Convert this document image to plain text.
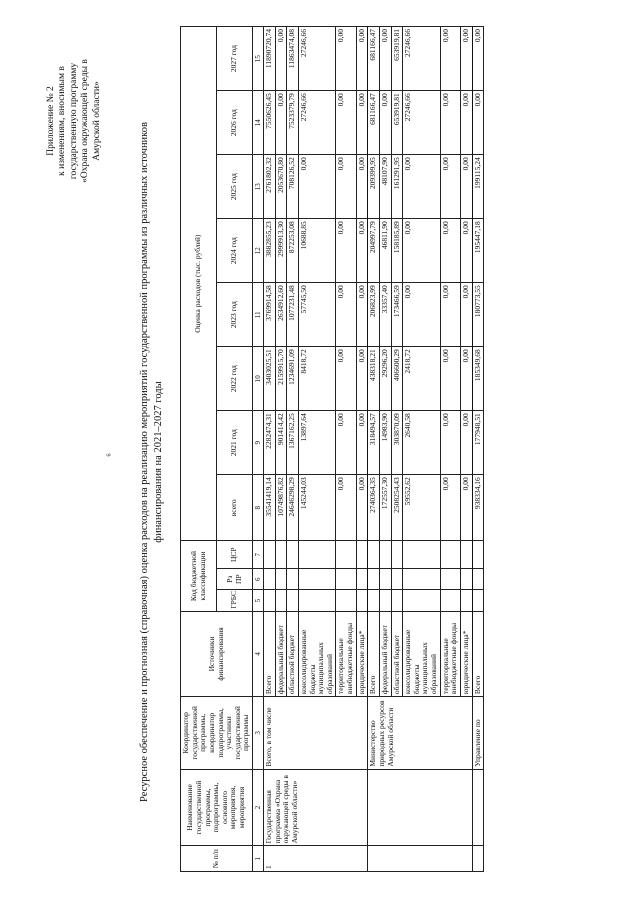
6
Приложение № 2 к изменениям, вносимым в государственную программу «Охрана окружающей среды в Амурской области»
Ресурсное обеспечение и прогнозная (справочная) оценка расходов на реализацию мероприятий государственной программы из различных источников финансирования на 2021–2027 годы
№ п/п	Наименование государственной программы, подпрограммы, основного мероприятия, мероприятия	Координатор государственной программы, координатор подпрограммы, участники государственной программы	Источники финансирования	Код бюджетной классификации			Оценка расходов (тыс. рублей)							
				ГРБС	Рз ПР	ЦСР	всего	2021 год	2022 год	2023 год	2024 год	2025 год	2026 год	2027 год
1	2	3	4	5	6	7	8	9	10	11	12	13	14	15
1	Государственная программа «Охрана окружающей среды в Амурской области»	Всего, в том числе	Всего				35541419,14	2282474,31	3403025,51	3769914,58	3882855,23	2761802,32	7550626,45	11890720,74
			федеральный бюджет				10749876,82	901414,42	2159915,70	2634912,60	2999913,30	2053670,80	0,00	0,00
			областной бюджет				24646298,29	1367162,25	1234691,09	1077231,48	872253,08	708126,52	7523379,79	11863474,08
			консолидированные бюджеты муниципальных образований				145244,03	13897,64	8418,72	57745,50	10688,85	0,00	27246,66	27246,66
			территориальные внебюджетные фонды				0,00	0,00	0,00	0,00	0,00	0,00	0,00	0,00
			юридические лица*				0,00	0,00	0,00	0,00	0,00	0,00	0,00	0,00
		Министерство природных ресурсов Амурской области	Всего				2740364,35	318494,57	438318,21	206823,99	204997,79	209399,95	681166,47	681166,47
			федеральный бюджет				172557,30	14983,90	29296,20	33357,40	46811,90	48107,90	0,00	0,00
			областной бюджет				2508254,43	303870,09	406600,29	173466,59	158185,89	161291,95	653919,81	653919,81
			консолидированные бюджеты муниципальных образований				59552,62	2640,58	2418,72	0,00	0,00	0,00	27246,66	27246,66
			территориальные внебюджетные фонды				0,00	0,00	0,00	0,00	0,00	0,00	0,00	0,00
			юридические лица*				0,00	0,00	0,00	0,00	0,00	0,00	0,00	0,00
		Управление по	Всего				938334,16	177948,51	185349,68	180773,55	195447,18	199115,24	0,00	0,00
